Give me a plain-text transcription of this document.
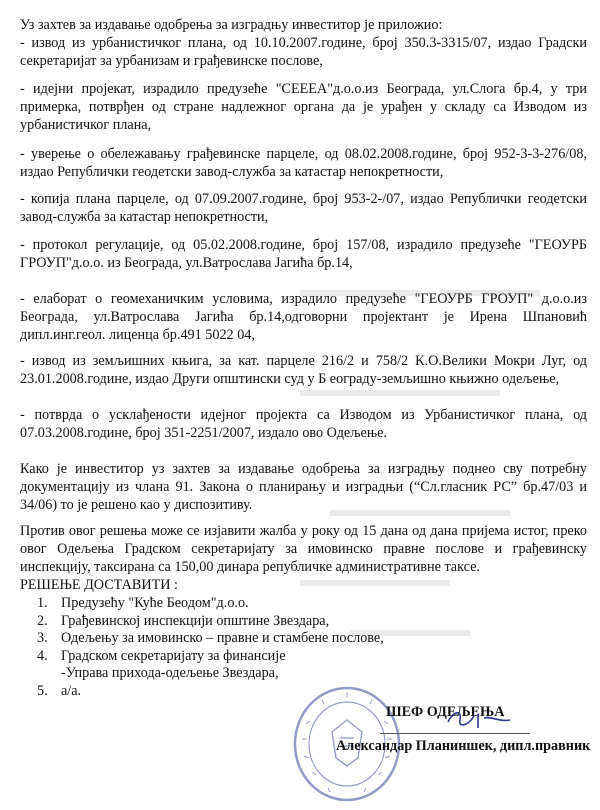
Уз захтев за издавање одобрења за изградњу инвеститор је приложио:

- извод из урбанистичког плана, од 10.10.2007.године, број 350.3-3315/07, издао Градски секретаријат за урбанизам и грађевинске послове,

- идејни пројекат, израдило предузеће "СЕЕЕА"д.о.о.из Београда, ул.Слога бр.4, у три примерка, потврђен од стране надлежног органа да је урађен у складу са Изводом из урбанистичког плана,

- уверење о обележавању грађевинске парцеле, од 08.02.2008.године, број 952-3-3-276/08, издао Републички геодетски завод-служба за катастар непокретности,

- копија плана парцеле, од 07.09.2007.године, број 953-2-/07, издао Републички геодетски завод-служба за катастар непокретности,

- протокол регулације, од 05.02.2008.године, број 157/08, израдило предузеће "ГЕОУРБ ГРОУП"д.о.о. из Београда, ул.Ватрослава Јагића бр.14,

- елаборат о геомеханичким условима, израдило предузеће "ГЕОУРБ ГРОУП" д.о.о.из Београда, ул.Ватрослава Јагића бр.14,одговорни пројектант је Ирена Шпановић дипл.инг.геол. лиценца бр.491 5022 04,

- извод из земљишних књига, за кат. парцеле 216/2 и 758/2 К.О.Велики Мокри Луг, од 23.01.2008.године, издао Други општински суд у Б еограду-земљишно књижно одељење,

- потврда о усклађености идејног пројекта са Изводом из Урбанистичког плана, од 07.03.2008.године, број 351-2251/2007, издало ово Одељење.

Како је инвеститор уз захтев за издавање одобрења за изградњу поднео сву потребну документацију из члана 91. Закона о планирању и изградњи (“Сл.гласник РС” бр.47/03 и 34/06) то је решено као у диспозитиву.

Против овог решења може се изјавити жалба у року од 15 дана од дана пријема истог, преко овог Одељења Градском секретаријату за имовинско правне послове и грађевинску инспекцију, таксирана са 150,00 динара републичке административне таксе.

РЕШЕЊЕ ДОСТАВИТИ :
1. Предузећу "Куће Беодом"д.о.о.
2. Грађевинској инспекцији општине Звездара,
3. Одељењу за имовинско – правне и стамбене послове,
4. Градском секретаријату за финансије
-Управа прихода-одељење Звездара,
5. а/а.
ШЕФ ОДЕЉЕЊА
Александар Планиншек, дипл.правник
